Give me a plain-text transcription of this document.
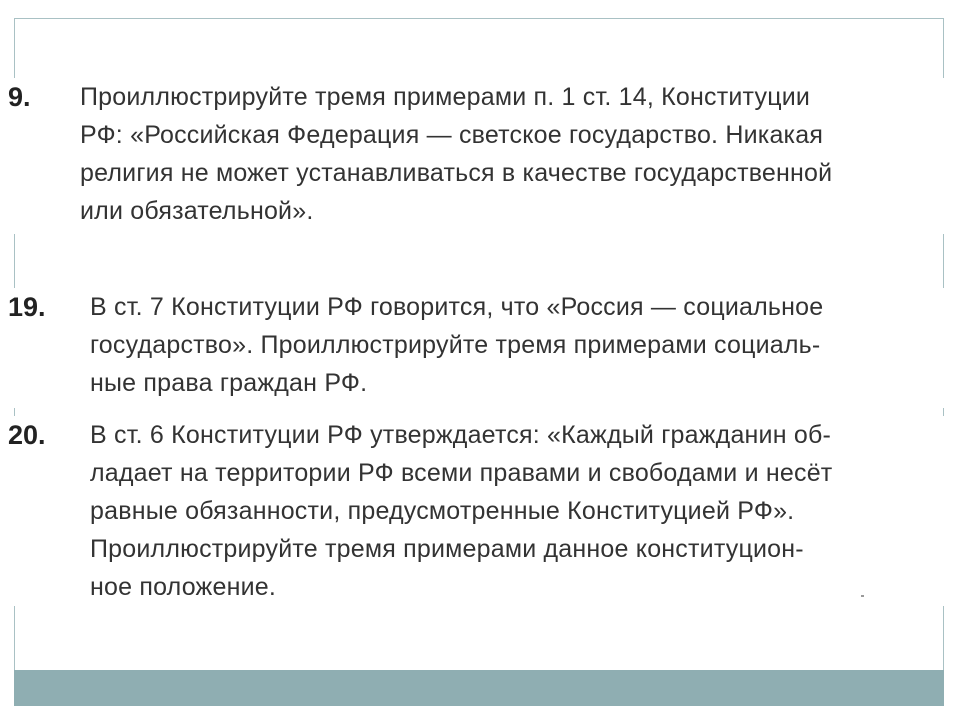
9. Проиллюстрируйте тремя примерами п. 1 ст. 14, Конституции
РФ: «Российская Федерация — светское государство. Никакая
религия не может устанавливаться в качестве государственной
или обязательной».
19. В ст. 7 Конституции РФ говорится, что «Россия — социальное
государство». Проиллюстрируйте тремя примерами социаль-
ные права граждан РФ.
20. В ст. 6 Конституции РФ утверждается: «Каждый гражданин об-
ладает на территории РФ всеми правами и свободами и несёт
равные обязанности, предусмотренные Конституцией РФ».
Проиллюстрируйте тремя примерами данное конституцион-
ное положение.
